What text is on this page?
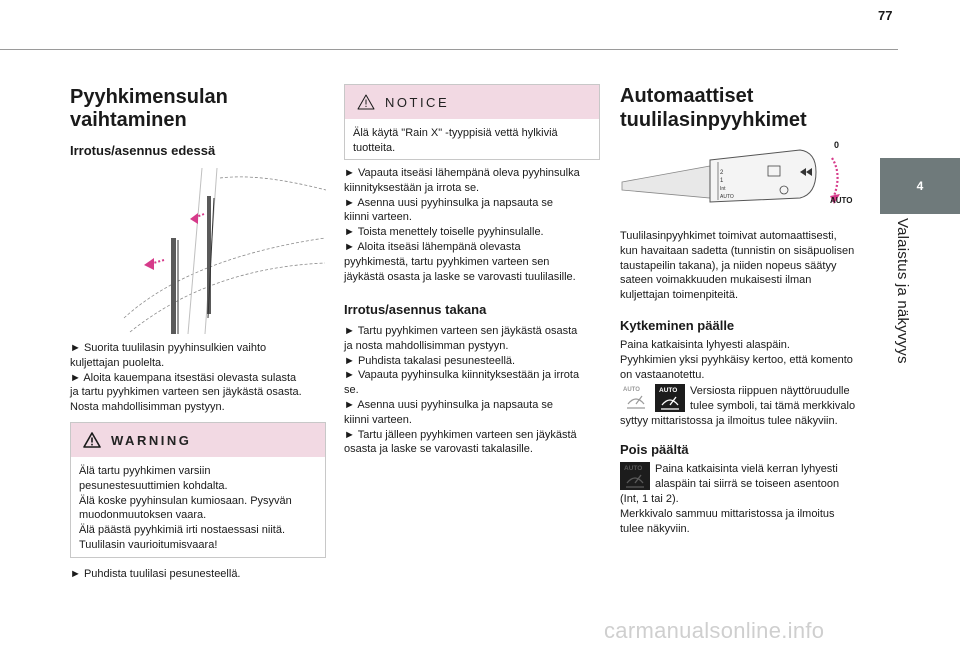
77
4
Valaistus ja näkyvyys
Pyyhkimensulan
vaihtaminen
Irrotus/asennus edessä

► Suorita tuulilasin pyyhinsulkien vaihto

kuljettajan puolelta.

► Aloita kauempana itsestäsi olevasta sulasta

ja tartu pyyhkimen varteen sen jäykästä osasta.

Nosta mahdollisimman pystyyn.

WARNING
Älä tartu pyyhkimen varsiin
pesunestesuuttimien kohdalta.
Älä koske pyyhinsulan kumiosaan. Pysyvän
muodonmuutoksen vaara.
Älä päästä pyyhkimiä irti nostaessasi niitä.
Tuulilasin vaurioitumisvaara!

► Puhdista tuulilasi pesunesteellä.

NOTICE
Älä käytä "Rain X" -tyyppisiä vettä hylkiviä
tuotteita.

► Vapauta itseäsi lähempänä oleva pyyhinsulka

kiinnityksestään ja irrota se.

► Asenna uusi pyyhinsulka ja napsauta se

kiinni varteen.

► Toista menettely toiselle pyyhinsulalle.

► Aloita itseäsi lähempänä olevasta

pyyhkimestä, tartu pyyhkimen varteen sen

jäykästä osasta ja laske se varovasti tuulilasille.

Irrotus/asennus takana

► Tartu pyyhkimen varteen sen jäykästä osasta

ja nosta mahdollisimman pystyyn.

► Puhdista takalasi pesunesteellä.

► Vapauta pyyhinsulka kiinnityksestään ja irrota

se.

► Asenna uusi pyyhinsulka ja napsauta se

kiinni varteen.

► Tartu jälleen pyyhkimen varteen sen jäykästä

osasta ja laske se varovasti takalasille.

Automaattiset
tuulilasinpyyhkimet
2
1
Int
AUTO
0
AUTO

Tuulilasinpyyhkimet toimivat automaattisesti,

kun havaitaan sadetta (tunnistin on sisäpuolisen

taustapeilin takana), ja niiden nopeus säätyy

sateen voimakkuuden mukaisesti ilman

kuljettajan toimenpiteitä.

Kytkeminen päälle

Paina katkaisinta lyhyesti alaspäin.

Pyyhkimien yksi pyyhkäisy kertoo, että komento

on vastaanotettu.

AUTO	AUTO Versiosta riippuen näyttöruudulle

tulee symboli, tai tämä merkkivalo

syttyy mittaristossa ja ilmoitus tulee näkyviin.

Pois päältä
AUTO Paina katkaisinta vielä kerran lyhyesti

alaspäin tai siirrä se toiseen asentoon

(Int, 1 tai 2).

Merkkivalo sammuu mittaristossa ja ilmoitus

tulee näkyviin.

carmanualsonline.info
